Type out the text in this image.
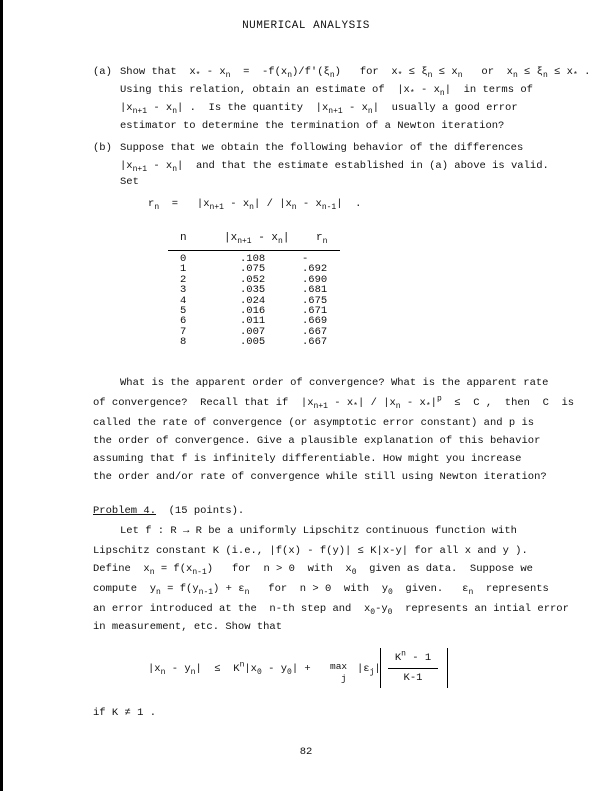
NUMERICAL ANALYSIS
(a) Show that  $x_* - x_n = -f(x_n)/f'(\xi_n)$   for  $x_* \le \xi_n \le x_n$   or  $x_n \le \xi_n \le x_*$ .
Using this relation, obtain an estimate of  $|x_* - x_n|$  in terms of
$|x_{n+1} - x_n|$ .  Is the quantity  $|x_{n+1} - x_n|$  usually a good error
estimator to determine the termination of a Newton iteration?
(b) Suppose that we obtain the following behavior of the differences
$|x_{n+1} - x_n|$  and that the estimate established in (a) above is valid.
Set
$r_n = |x_{n+1} - x_n| / |x_n - x_{n-1}|$  .
n	$|x_{n+1} - x_n|$ $r_n$
0
1
2
3
4
5
6
7
8
.108
.075
.052
.035
.024
.016
.011
.007
.005
-
.692
.690
.681
.675
.671
.669
.667
.667
What is the apparent order of convergence? What is the apparent rate
of convergence?  Recall that if  $|x_{n+1} - x_*| / |x_n - x_*|^p \le C$ ,  then  C  is
called the rate of convergence (or asymptotic error constant) and p is
the order of convergence. Give a plausible explanation of this behavior
assuming that f is infinitely differentiable. How might you increase
the order and/or rate of convergence while still using Newton iteration?
Problem 4. (15 points).
Let f : R → R be a uniformly Lipschitz continuous function with
Lipschitz constant K (i.e., |f(x) - f(y)| ≤ K|x-y| for all x and y ).
Define  $x_n = f(x_{n-1})$   for  n > 0  with  $x_0$  given as data.  Suppose we
compute  $y_n = f(y_{n-1}) + \varepsilon_n$   for  n > 0  with  $y_0$  given.   $\varepsilon_n$  represents
an error introduced at the  n-th step and  $x_0-y_0$  represents an intial error
in measurement, etc. Show that
$|x_n - y_n| \le K^n|x_0 - y_0| + \max$
j
$|\varepsilon_j|$
$K^n - 1$
K-1
if K ≠ 1 .
82
